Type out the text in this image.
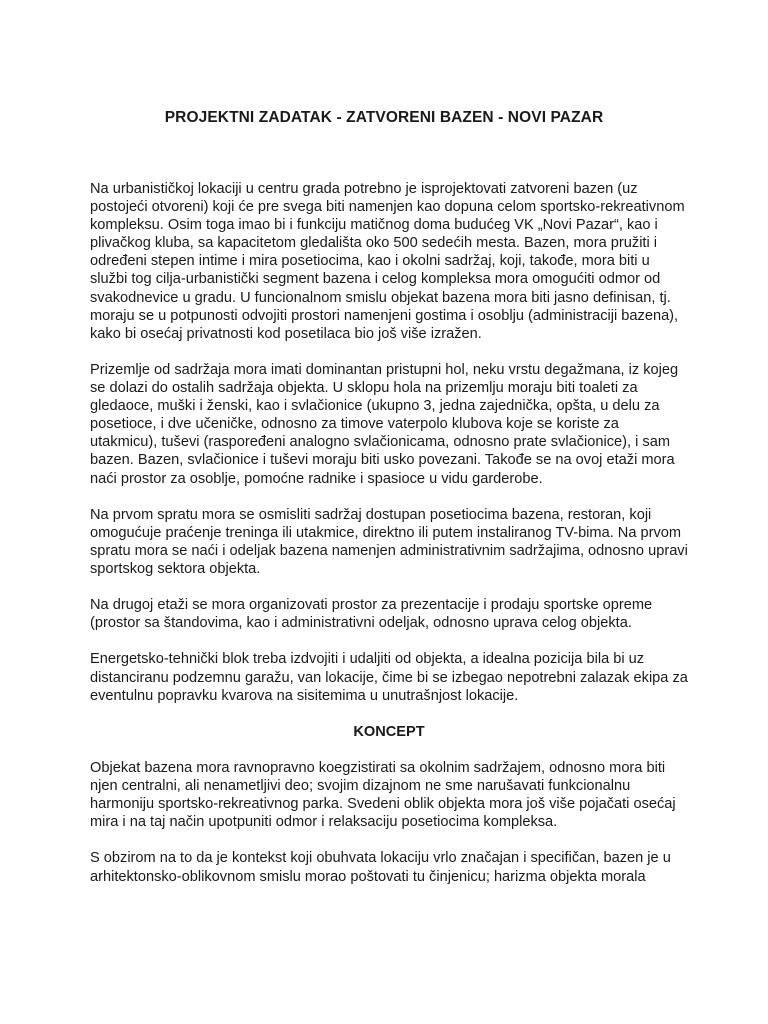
PROJEKTNI ZADATAK - ZATVORENI BAZEN - NOVI PAZAR

Na urbanističkoj lokaciji u centru grada potrebno je isprojektovati zatvoreni bazen (uz postojeći otvoreni) koji će pre svega biti namenjen kao dopuna celom sportsko-rekreativnom kompleksu. Osim toga imao bi i funkciju matičnog doma budućeg VK „Novi Pazar“, kao i plivačkog kluba, sa kapacitetom gledališta oko 500 sedećih mesta. Bazen, mora pružiti i određeni stepen intime i mira posetiocima, kao i okolni sadržaj, koji, takođe, mora biti u službi tog cilja-urbanistički segment bazena i celog kompleksa mora omogućiti odmor od svakodnevice u gradu. U funcionalnom smislu objekat bazena mora biti jasno definisan, tj. moraju se u potpunosti odvojiti prostori namenjeni gostima i osoblju (administraciji bazena), kako bi osećaj privatnosti kod posetilaca bio još više izražen.

Prizemlje od sadržaja mora imati dominantan pristupni hol, neku vrstu degažmana, iz kojeg se dolazi do ostalih sadržaja objekta. U sklopu hola na prizemlju moraju biti toaleti za gledaoce, muški i ženski, kao i svlačionice (ukupno 3, jedna zajednička, opšta, u delu za posetioce, i dve učeničke, odnosno za timove vaterpolo klubova koje se koriste za utakmicu), tuševi (raspoređeni analogno svlačionicama, odnosno prate svlačionice), i sam bazen. Bazen, svlačionice i tuševi moraju biti usko povezani. Takođe se na ovoj etaži mora naći prostor za osoblje, pomoćne radnike i spasioce u vidu garderobe.

Na prvom spratu mora se osmisliti sadržaj dostupan posetiocima bazena, restoran, koji omogućuje praćenje treninga ili utakmice, direktno ili putem instaliranog TV-bima. Na prvom spratu mora se naći i odeljak bazena namenjen administrativnim sadržajima, odnosno upravi sportskog sektora objekta.

Na drugoj etaži se mora organizovati prostor za prezentacije i prodaju sportske opreme (prostor sa štandovima, kao i administrativni odeljak, odnosno uprava celog objekta.

Energetsko-tehnički blok treba izdvojiti i udaljiti od objekta, a idealna pozicija bila bi uz distanciranu podzemnu garažu, van lokacije, čime bi se izbegao nepotrebni zalazak ekipa za eventulnu popravku kvarova na sisitemima u unutrašnjost lokacije.

KONCEPT

Objekat bazena mora ravnopravno koegzistirati sa okolnim sadržajem, odnosno mora biti njen centralni, ali nenametljivi deo; svojim dizajnom ne sme narušavati funkcionalnu harmoniju sportsko-rekreativnog parka. Svedeni oblik objekta mora još više pojačati osećaj mira i na taj način upotpuniti odmor i relaksaciju posetiocima kompleksa.

S obzirom na to da je kontekst koji obuhvata lokaciju vrlo značajan i specifičan, bazen je u arhitektonsko-oblikovnom smislu morao poštovati tu činjenicu; harizma objekta morala
